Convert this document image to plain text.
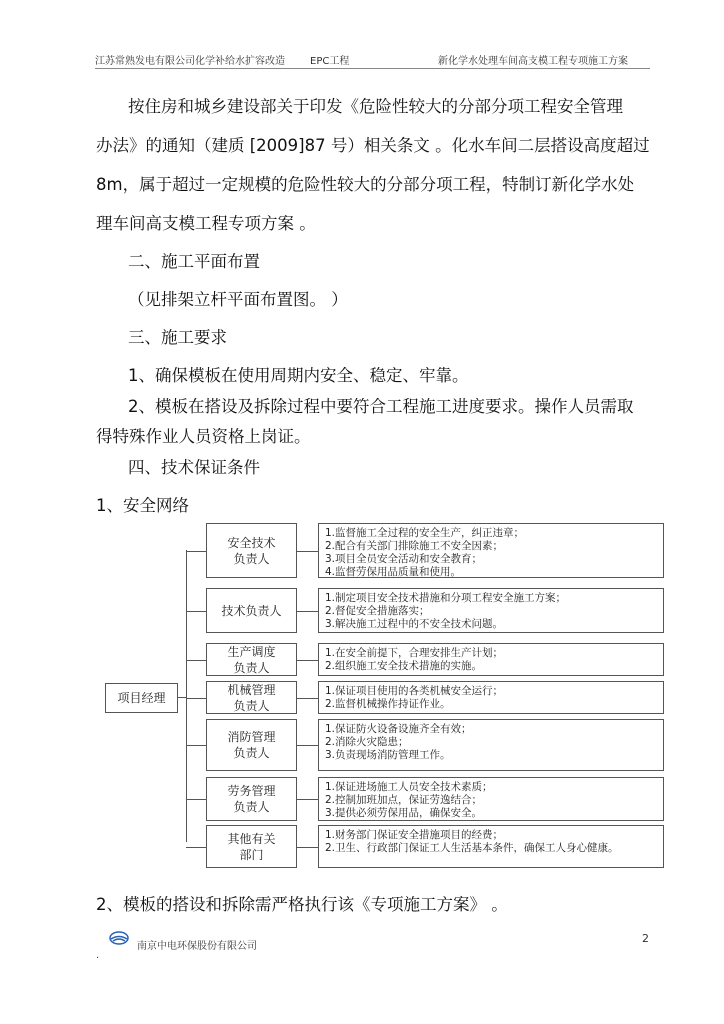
江苏常熟发电有限公司化学补给水扩容改造	EPC工程	新化学水处理车间高支模工程专项施工方案
按住房和城乡建设部关于印发《危险性较大的分部分项工程安全管理
办法》的通知（建质 [2009]87 号）相关条文 。化水车间二层搭设高度超过
8m，属于超过一定规模的危险性较大的分部分项工程，特制订新化学水处
理车间高支模工程专项方案 。
二、施工平面布置
（见排架立杆平面布置图。 ）
三、施工要求
1、确保模板在使用周期内安全、稳定、牢靠。
2、模板在搭设及拆除过程中要符合工程施工进度要求。操作人员需取
得特殊作业人员资格上岗证。
四、技术保证条件
1、安全网络
项目经理
安全技术
负责人
1.监督施工全过程的安全生产，纠正违章；
2.配合有关部门排除施工不安全因素；
3.项目全员安全活动和安全教育；
4.监督劳保用品质量和使用。
技术负责人
1.制定项目安全技术措施和分项工程安全施工方案；
2.督促安全措施落实；
3.解决施工过程中的不安全技术问题。
生产调度
负责人
1.在安全前提下，合理安排生产计划；
2.组织施工安全技术措施的实施。
机械管理
负责人
1.保证项目使用的各类机械安全运行；
2.监督机械操作持证作业。
消防管理
负责人
1.保证防火设备设施齐全有效；
2.消除火灾隐患；
3.负责现场消防管理工作。
劳务管理
负责人
1.保证进场施工人员安全技术素质；
2.控制加班加点，保证劳逸结合；
3.提供必须劳保用品，确保安全。
其他有关
部门
1.财务部门保证安全措施项目的经费；
2.卫生、行政部门保证工人生活基本条件，确保工人身心健康。
2、模板的搭设和拆除需严格执行该《专项施工方案》 。
南京中电环保股份有限公司
2
.
